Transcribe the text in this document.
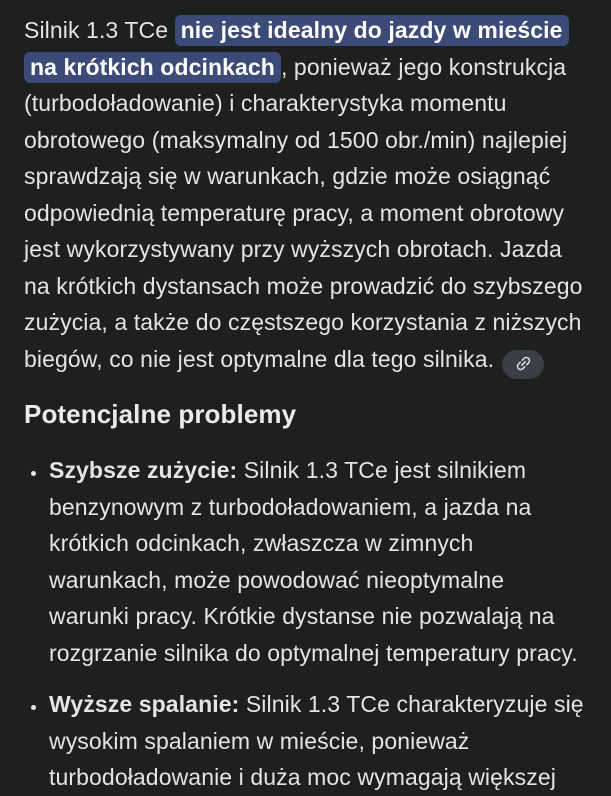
Silnik 1.3 TCe nie jest idealny do jazdy w mieście na krótkich odcinkach , ponieważ jego konstrukcja (turbodoładowanie) i charakterystyka momentu obrotowego (maksymalny od 1500 obr./min) najlepiej sprawdzają się w warunkach, gdzie może osiągnąć odpowiednią temperaturę pracy, a moment obrotowy jest wykorzystywany przy wyższych obrotach. Jazda na krótkich dystansach może prowadzić do szybszego zużycia, a także do częstszego korzystania z niższych biegów, co nie jest optymalne dla tego silnika.

Potencjalne problemy
• Szybsze zużycie: Silnik 1.3 TCe jest silnikiem benzynowym z turbodoładowaniem, a jazda na krótkich odcinkach, zwłaszcza w zimnych warunkach, może powodować nieoptymalne warunki pracy. Krótkie dystanse nie pozwalają na rozgrzanie silnika do optymalnej temperatury pracy.
• Wyższe spalanie: Silnik 1.3 TCe charakteryzuje się wysokim spalaniem w mieście, ponieważ turbodoładowanie i duża moc wymagają większej
